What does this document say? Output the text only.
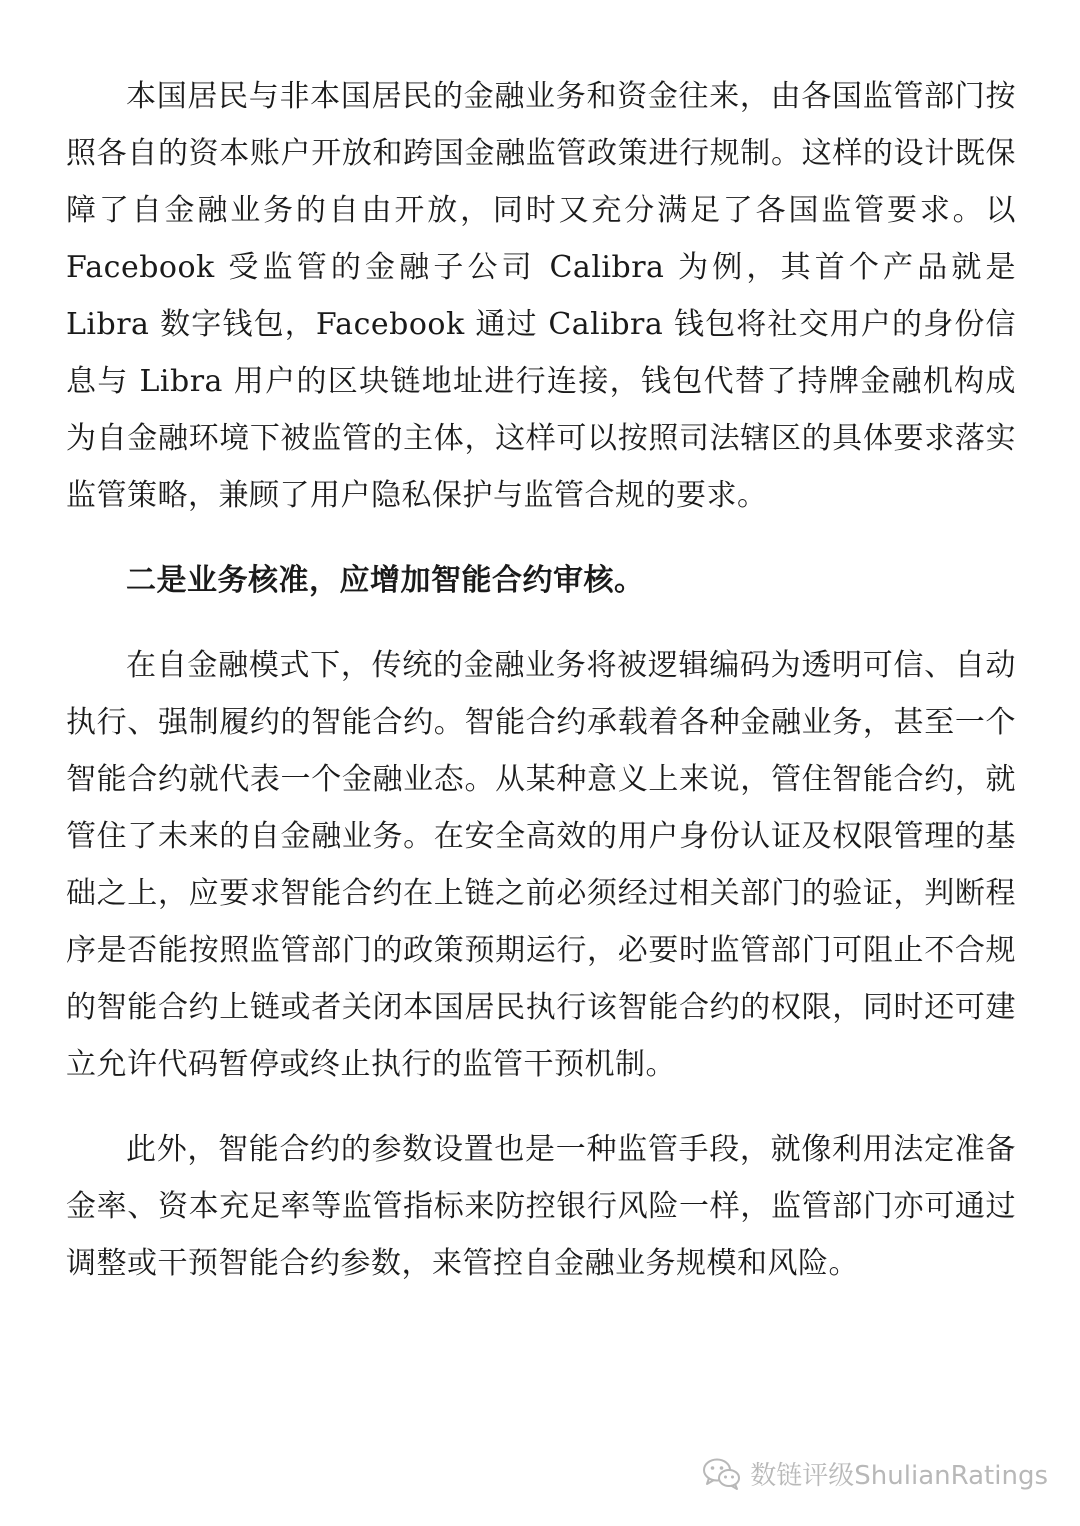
本国居民与非本国居民的金融业务和资金往来，由各国监管部门按照各自的资本账户开放和跨国金融监管政策进行规制。这样的设计既保障了自金融业务的自由开放，同时又充分满足了各国监管要求。以 Facebook 受监管的金融子公司 Calibra 为例，其首个产品就是 Libra 数字钱包，Facebook 通过 Calibra 钱包将社交用户的身份信息与 Libra 用户的区块链地址进行连接，钱包代替了持牌金融机构成为自金融环境下被监管的主体，这样可以按照司法辖区的具体要求落实监管策略，兼顾了用户隐私保护与监管合规的要求。

二是业务核准，应增加智能合约审核。

在自金融模式下，传统的金融业务将被逻辑编码为透明可信、自动执行、强制履约的智能合约。智能合约承载着各种金融业务，甚至一个智能合约就代表一个金融业态。从某种意义上来说，管住智能合约，就管住了未来的自金融业务。在安全高效的用户身份认证及权限管理的基础之上，应要求智能合约在上链之前必须经过相关部门的验证，判断程序是否能按照监管部门的政策预期运行，必要时监管部门可阻止不合规的智能合约上链或者关闭本国居民执行该智能合约的权限，同时还可建立允许代码暂停或终止执行的监管干预机制。

此外，智能合约的参数设置也是一种监管手段，就像利用法定准备金率、资本充足率等监管指标来防控银行风险一样，监管部门亦可通过调整或干预智能合约参数，来管控自金融业务规模和风险。

数链评级ShulianRatings
